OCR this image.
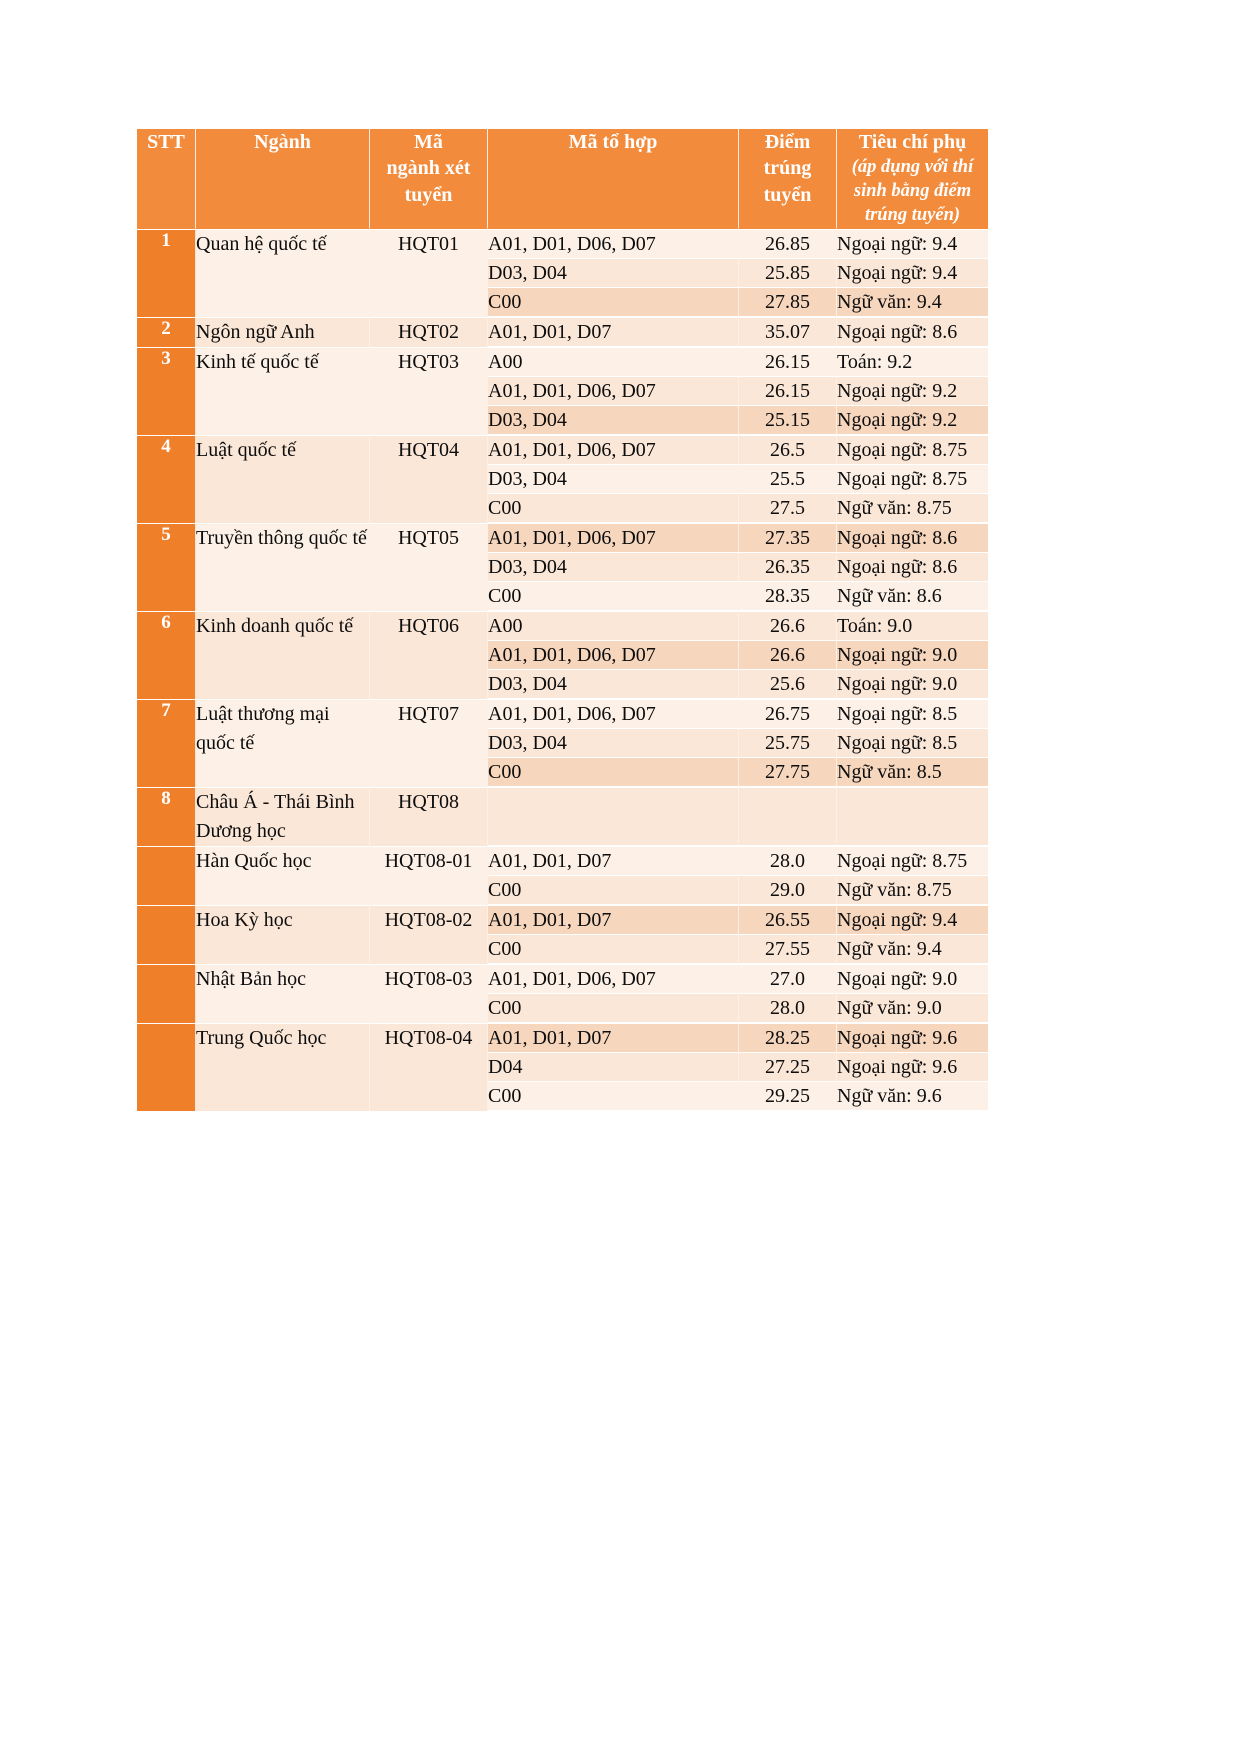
STT	Ngành	Mã
ngành xét
tuyển	Mã tổ hợp	Điểm
trúng
tuyển	Tiêu chí phụ
(áp dụng với thí sinh bằng điểm trúng tuyển)

1	Quan hệ quốc tế	HQT01	A01, D01, D06, D07	26.85	Ngoại ngữ: 9.4

			D03, D04	25.85	Ngoại ngữ: 9.4

			C00	27.85	Ngữ văn: 9.4

2	Ngôn ngữ Anh	HQT02	A01, D01, D07	35.07	Ngoại ngữ: 8.6

3	Kinh tế quốc tế	HQT03	A00	26.15	Toán: 9.2

			A01, D01, D06, D07	26.15	Ngoại ngữ: 9.2

			D03, D04	25.15	Ngoại ngữ: 9.2

4	Luật quốc tế	HQT04	A01, D01, D06, D07	26.5	Ngoại ngữ: 8.75

			D03, D04	25.5	Ngoại ngữ: 8.75

			C00	27.5	Ngữ văn: 8.75

5	Truyền thông quốc tế	HQT05	A01, D01, D06, D07	27.35	Ngoại ngữ: 8.6

			D03, D04	26.35	Ngoại ngữ: 8.6

			C00	28.35	Ngữ văn: 8.6

6	Kinh doanh quốc tế	HQT06	A00	26.6	Toán: 9.0

			A01, D01, D06, D07	26.6	Ngoại ngữ: 9.0

			D03, D04	25.6	Ngoại ngữ: 9.0

7	Luật thương mại quốc tế	HQT07	A01, D01, D06, D07	26.75	Ngoại ngữ: 8.5

			D03, D04	25.75	Ngoại ngữ: 8.5

			C00	27.75	Ngữ văn: 8.5

8	Châu Á - Thái Bình Dương học	HQT08			

	Hàn Quốc học	HQT08-01	A01, D01, D07	28.0	Ngoại ngữ: 8.75

			C00	29.0	Ngữ văn: 8.75

	Hoa Kỳ học	HQT08-02	A01, D01, D07	26.55	Ngoại ngữ: 9.4

			C00	27.55	Ngữ văn: 9.4

	Nhật Bản học	HQT08-03	A01, D01, D06, D07	27.0	Ngoại ngữ: 9.0

			C00	28.0	Ngữ văn: 9.0

	Trung Quốc học	HQT08-04	A01, D01, D07	28.25	Ngoại ngữ: 9.6

			D04	27.25	Ngoại ngữ: 9.6

			C00	29.25	Ngữ văn: 9.6
